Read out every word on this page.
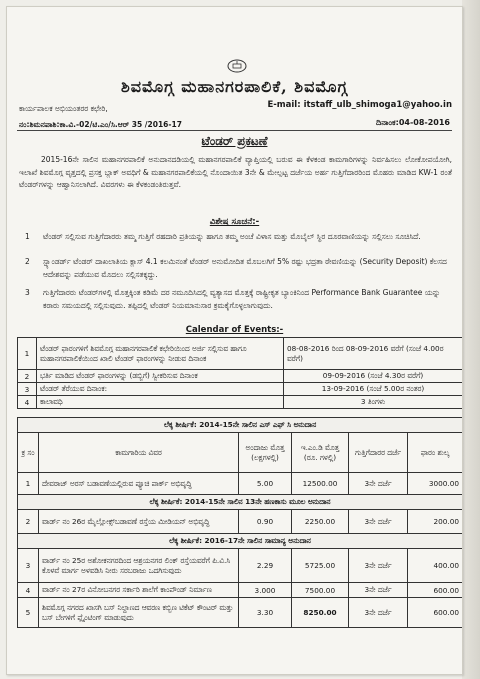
ಶಿವಮೊಗ್ಗ ಮಹಾನಗರಪಾಲಿಕೆ, ಶಿವಮೊಗ್ಗ
ಕಾರ್ಯಪಾಲಕ ಅಭಿಯಂತರರ ಕಛೇರಿ,	E-mail: itstaff_ulb_shimoga1@yahoo.in
ನಂ:ಶಿಮನಪಾಶಿ:ಕಾ.ವಿ.-02/ಟಿ.ಎಂ/ಸಿ.ಆರ್ 35 /2016-17	ದಿನಾಂಕ:04-08-2016
ಟೆಂಡರ್ ಪ್ರಕಟಣೆ
2015-16ನೇ ಸಾಲಿನ ಮಹಾನಗರಪಾಲಿಕೆ ಅನುದಾನದಡಿಯಲ್ಲಿ ಮಹಾನಗರಪಾಲಿಕೆ ವ್ಯಾಪ್ತಿಯಲ್ಲಿ ಬರುವ ಈ ಕೆಳಕಂಡ ಕಾಮಗಾರಿಗಳನ್ನು ನಿರ್ವಹಿಸಲು ಲೋಕೋಪಯೋಗಿ, ಇಲಾಖೆ ಶಿವಮೊಗ್ಗ ವೃತ್ತದಲ್ಲಿ ಪ್ರಸಕ್ತ ಬ್ಲಾಕ್ ಅವಧಿಗೆ & ಮಹಾನಗರಪಾಲಿಕೆಯಲ್ಲಿ ನೊಂದಾಯಿತ 3ನೇ & ಮೇಲ್ಪಟ್ಟ ದರ್ಜೆಯ ಅರ್ಹ ಗುತ್ತಿಗೆದಾರರಿಂದ ಮೊಹರು ಮಾಡಿದ KW-1 ರಂತೆ ಟೆಂಡರ್‌ಗಳನ್ನು ಆಹ್ವಾನಿಸಲಾಗಿದೆ. ವಿವರಗಳು ಈ ಕೆಳಕಂಡಂತಿರುತ್ತವೆ.
ವಿಶೇಷ ಸೂಚನೆ:-
1 ಟೆಂಡರ್ ಸಲ್ಲಿಸುವ ಗುತ್ತಿಗೆದಾರರು ತಮ್ಮ ಗುತ್ತಿಗೆ ರಹದಾರಿ ಪ್ರತಿಯನ್ನು ಹಾಗೂ ತಮ್ಮ ಅಂಚೆ ವಿಳಾಸ ಮತ್ತು ಮೊಬೈಲ್ ಸ್ಥಿರ ದೂರವಾಣಿಯನ್ನು ಸಲ್ಲಿಸಲು ಸೂಚಿಸಿದೆ.
2 ಸ್ಪ್ಯಾಂಡರ್ಡ್ ಟೆಂಡರ್ ದಾಖಲಾತಿಯ ಕ್ಲಾಸ್ 4.1 ಕಲಮಿನಂತೆ ಟೆಂಡರ್ ಅನುಮೋದಿತ ಮೊಬಲಗಿಗೆ 5% ರಷ್ಟು ಭದ್ರತಾ ಠೇವಣಿಯನ್ನು (Security Deposit) ಕೆಲಸದ ಆದೇಶವನ್ನು ಪಡೆಯುವ ಮೊದಲು ಸಲ್ಲಿಸತಕ್ಕದ್ದು.
3 ಗುತ್ತಿಗೆದಾರರು ಟೆಂಡರ್‌ಗಳಲ್ಲಿ ಮೊತ್ತಕ್ಕಿಂತ ಕಡಿಮೆ ದರ ನಮೂದಿಸಿದಲ್ಲಿ ವ್ಯತ್ಯಾಸದ ಮೊತ್ತಕ್ಕೆ ರಾಷ್ಟ್ರೀಕೃತ ಬ್ಯಾಂಕಿನಿಂದ Performance Bank Guarantee ಯನ್ನು ಕರಾರು ಸಮಯದಲ್ಲಿ ಸಲ್ಲಿಸುವುದು. ತಪ್ಪಿದಲ್ಲಿ ಟೆಂಡರ್ ನಿಯಮಾನುಸಾರ ಕ್ರಮಕೈಗೊಳ್ಳಲಾಗುವುದು.
Calendar of Events:-
1	ಟೆಂಡರ್ ಫಾರಂಗಳಿಗೆ ಶಿವಮೊಗ್ಗ ಮಹಾನಗರಪಾಲಿಕೆ ಕಛೇರಿಯಿಂದ ಅರ್ಜಿ ಸಲ್ಲಿಸುವ ಹಾಗೂ ಮಹಾನಗರಪಾಲಿಕೆಯಿಂದ ಖಾಲಿ ಟೆಂಡರ್ ಫಾರಂಗಳನ್ನು ನೀಡುವ ದಿನಾಂಕ	08-08-2016 ರಿಂದ 08-09-2016 ವರೆಗೆ (ಸಂಜೆ 4.00ರ ವರೆಗೆ)
2	ಭರ್ತಿ ಮಾಡಿದ ಟೆಂಡರ್ ಫಾರಂಗಳನ್ನು (ಡಬ್ಬಿಗೆ) ಸ್ವೀಕರಿಸುವ ದಿನಾಂಕ	09-09-2016 (ಸಂಜೆ 4.30ರ ವರೆಗೆ)
3	ಟೆಂಡರ್ ತೆರೆಯುವ ದಿನಾಂಕ:	13-09-2016 (ಸಂಜೆ 5.00ರ ನಂತರ)
4	ಕಾಲಾವಧಿ	3 ತಿಂಗಳು
ಲೆಕ್ಕ ಶೀರ್ಷಿಕೆ: 2014-15ನೇ ಸಾಲಿನ ಎಸ್ ಎಫ್ ಸಿ ಅನುದಾನ					
ಕ್ರ ಸಂ	ಕಾಮಗಾರಿಯ ವಿವರ	ಅಂದಾಜು ಮೊತ್ತ (ಲಕ್ಷಗಳಲ್ಲಿ)	ಇ.ಎಂ.ಡಿ ಮೊತ್ತ (ರೂ. ಗಳಲ್ಲಿ)	ಗುತ್ತಿಗೆದಾರರ ದರ್ಜೆ	ಫಾರಂ ಶುಲ್ಕ
1	ದೇವರಾಜ್ ಅರಸ್ ಬಡಾವಣೆಯಲ್ಲಿರುವ ಪ್ಯೂಚಿ ಪಾರ್ಕ್ ಅಭಿವೃದ್ಧಿ	5.00	12500.00	3ನೇ ದರ್ಜೆ	3000.00
ಲೆಕ್ಕ ಶೀರ್ಷಿಕೆ: 2014-15ನೇ ಸಾಲಿನ 13ನೇ ಹಣಕಾಸು ಮೂಲ ಅನುದಾನ					
2	ವಾರ್ಡ್ ನಂ 26ರ ಮೈಲ್ಲೋಕ್ಸ್‌ಬಡಾವಣೆ ರಸ್ತೆಯ ಮೀಡಿಯನ್ ಅಭಿವೃದ್ಧಿ	0.90	2250.00	3ನೇ ದರ್ಜೆ	200.00
ಲೆಕ್ಕ ಶೀರ್ಷಿಕೆ: 2016-17ನೇ ಸಾಲಿನ ಸಾಮಾನ್ಯ ಅನುದಾನ					
3	ವಾರ್ಡ್ ನಂ 25ರ ಅಶೋಕನಗರದಿಂದ ಆಶ್ರಯನಗರ ಲಿಂಕ್ ರಸ್ತೆಯವರೆಗೆ ಪಿ.ವಿ.ಸಿ ಕೊಳವೆ ಮಾರ್ಗ ಅಳವಡಿಸಿ ನೀರು ಸರಬರಾಜು ಒದಗಿಸುವುದು	2.29	5725.00	3ನೇ ದರ್ಜೆ	400.00
4	ವಾರ್ಡ್ ನಂ 27ರ ವಿನೋಬನಗರ ಸರ್ಕಾರಿ ಶಾಲೆಗೆ ಕಾಂಪೌಂಡ್ ನಿರ್ಮಾಣ	3.000	7500.00	3ನೇ ದರ್ಜೆ	600.00
5	ಶಿವಮೊಗ್ಗ ನಗರದ ಖಾಸಗಿ ಬಸ್ ನಿಲ್ದಾಣದ ಆವರಣ ಕಬ್ಬಿಣ ಟಿಕೆಟ್ ಕೌಂಟರ್ ಮತ್ತು ಬಸ್ ಬೇಗಳಿಗೆ ಪ್ಲೈಂಟಿಂಗ್ ಮಾಡುವುದು	3.30	8250.00	3ನೇ ದರ್ಜೆ	600.00
